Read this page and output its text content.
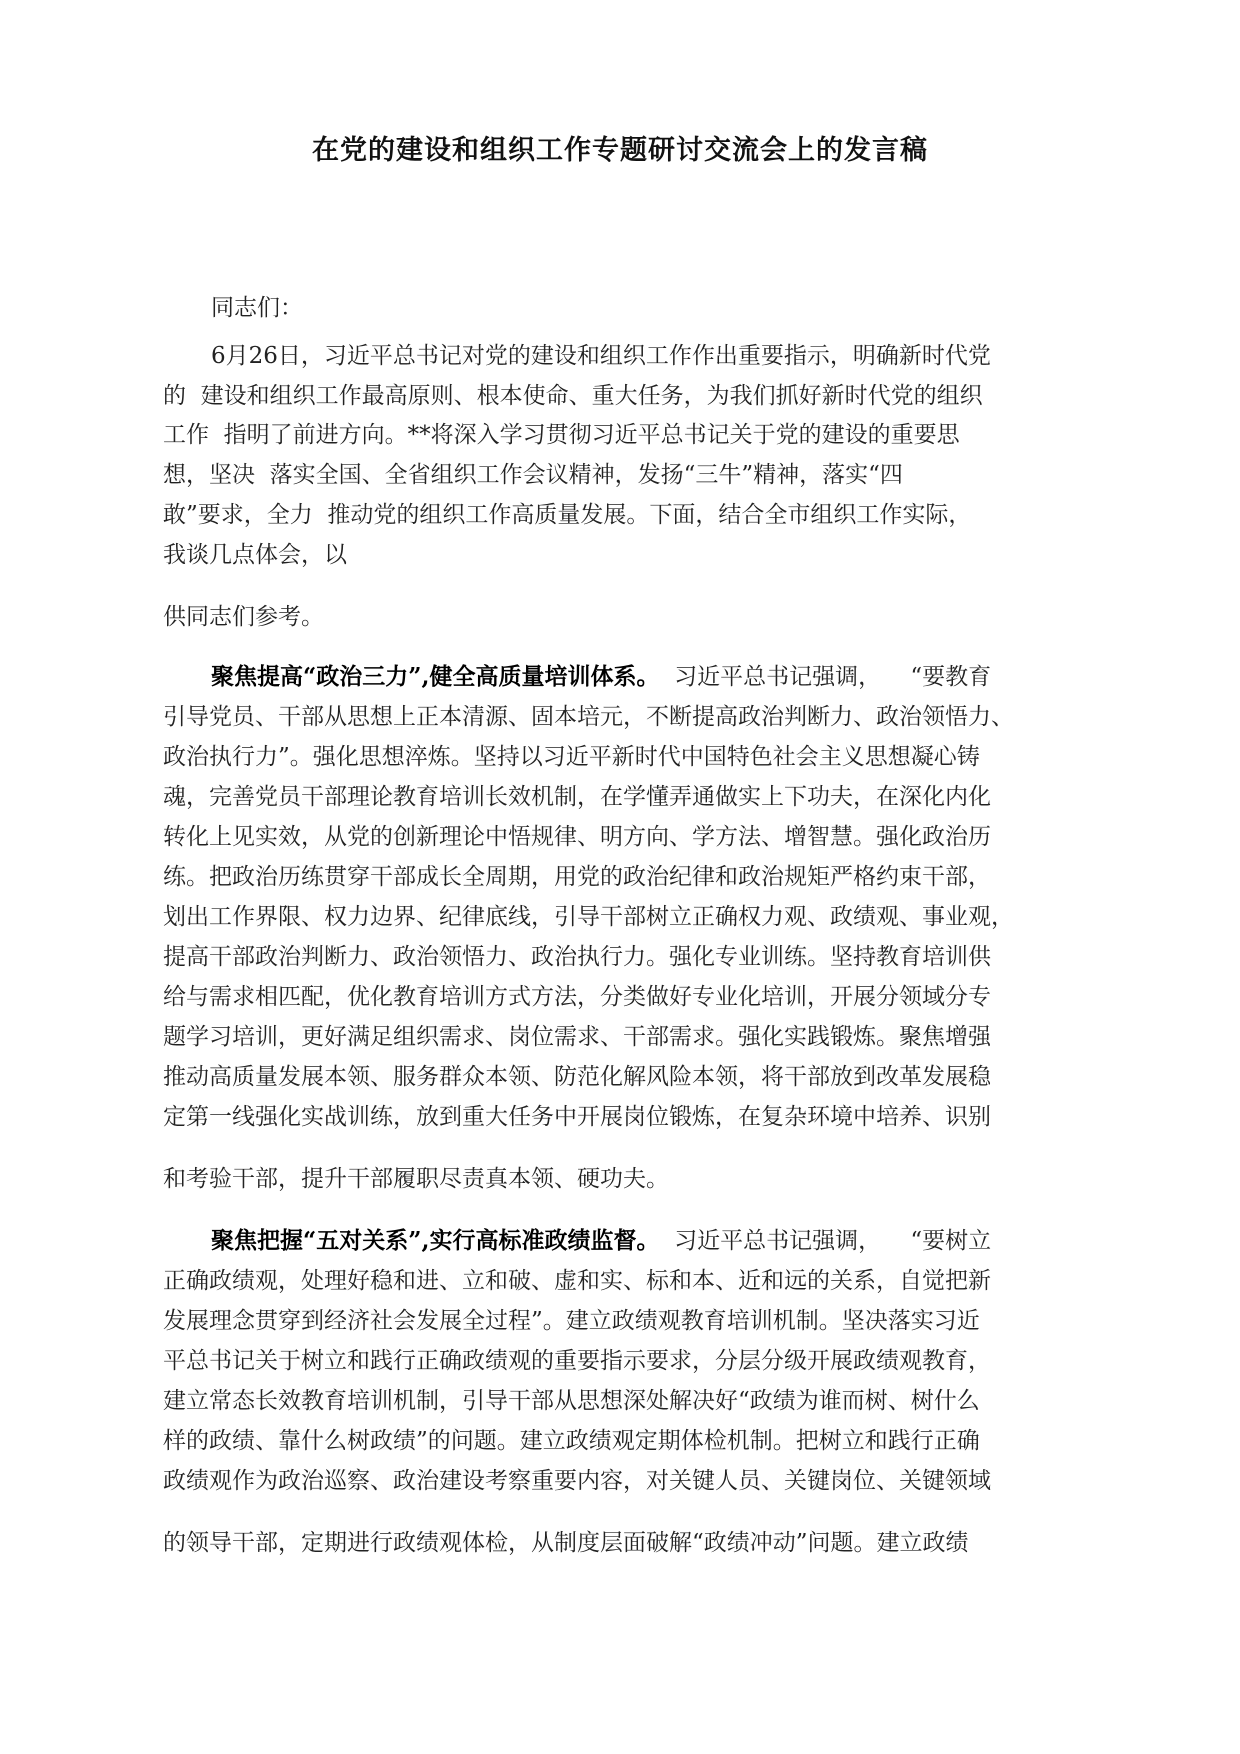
在党的建设和组织工作专题研讨交流会上的发言稿
同志们：
6月26日，习近平总书记对党的建设和组织工作作出重要指示，明确新时代党
的  建设和组织工作最高原则、根本使命、重大任务，为我们抓好新时代党的组织
工作  指明了前进方向。**将深入学习贯彻习近平总书记关于党的建设的重要思
想，坚决  落实全国、全省组织工作会议精神，发扬“三牛”精神，落实“四
敢”要求，全力  推动党的组织工作高质量发展。下面，结合全市组织工作实际，
我谈几点体会，以
供同志们参考。
聚焦提高“政治三力”,健全高质量培训体系。  习近平总书记强调，    “要教育
引导党员、干部从思想上正本清源、固本培元，不断提高政治判断力、政治领悟力、
政治执行力”。强化思想淬炼。坚持以习近平新时代中国特色社会主义思想凝心铸
魂，完善党员干部理论教育培训长效机制，在学懂弄通做实上下功夫，在深化内化
转化上见实效，从党的创新理论中悟规律、明方向、学方法、增智慧。强化政治历
练。把政治历练贯穿干部成长全周期，用党的政治纪律和政治规矩严格约束干部，
划出工作界限、权力边界、纪律底线，引导干部树立正确权力观、政绩观、事业观，
提高干部政治判断力、政治领悟力、政治执行力。强化专业训练。坚持教育培训供
给与需求相匹配，优化教育培训方式方法，分类做好专业化培训，开展分领域分专
题学习培训，更好满足组织需求、岗位需求、干部需求。强化实践锻炼。聚焦增强
推动高质量发展本领、服务群众本领、防范化解风险本领，将干部放到改革发展稳
定第一线强化实战训练，放到重大任务中开展岗位锻炼，在复杂环境中培养、识别
和考验干部，提升干部履职尽责真本领、硬功夫。
聚焦把握“五对关系”,实行高标准政绩监督。  习近平总书记强调，    “要树立
正确政绩观，处理好稳和进、立和破、虚和实、标和本、近和远的关系，自觉把新
发展理念贯穿到经济社会发展全过程”。建立政绩观教育培训机制。坚决落实习近
平总书记关于树立和践行正确政绩观的重要指示要求，分层分级开展政绩观教育，
建立常态长效教育培训机制，引导干部从思想深处解决好“政绩为谁而树、树什么
样的政绩、靠什么树政绩”的问题。建立政绩观定期体检机制。把树立和践行正确
政绩观作为政治巡察、政治建设考察重要内容，对关键人员、关键岗位、关键领域
的领导干部，定期进行政绩观体检，从制度层面破解“政绩冲动”问题。建立政绩
